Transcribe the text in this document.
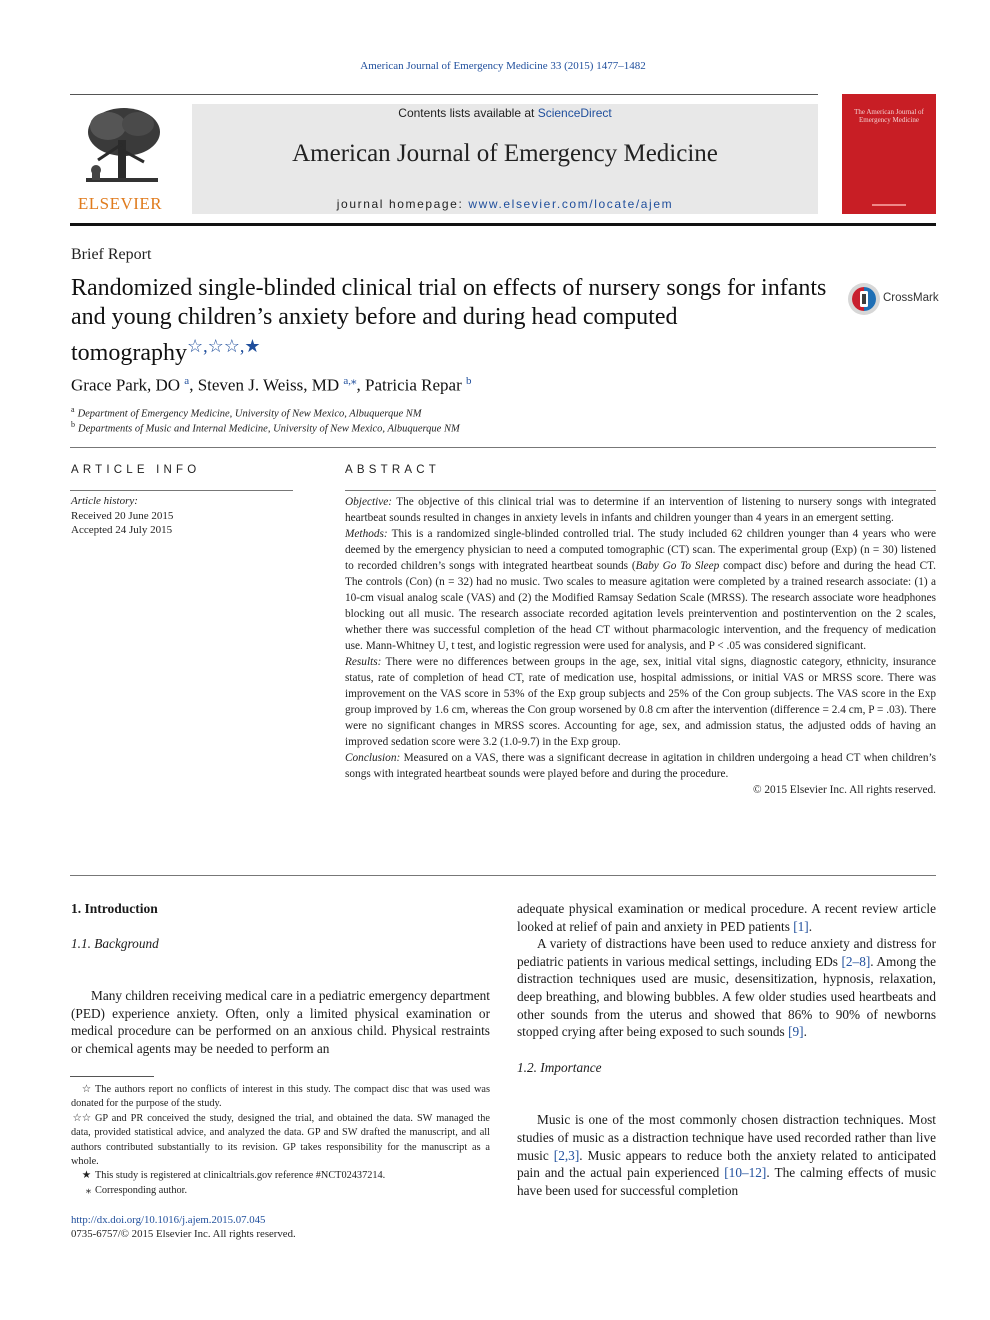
American Journal of Emergency Medicine 33 (2015) 1477–1482
ELSEVIER
Contents lists available at ScienceDirect
American Journal of Emergency Medicine
journal homepage: www.elsevier.com/locate/ajem
The American Journal of Emergency Medicine
Brief Report
Randomized single-blinded clinical trial on effects of nursery songs for infants and young children’s anxiety before and during head computed tomography☆,☆☆,★
CrossMark
Grace Park, DO $^a$, Steven J. Weiss, MD $^{a,⁎}$, Patricia Repar $^b$
$^a$ Department of Emergency Medicine, University of New Mexico, Albuquerque NM
$^b$ Departments of Music and Internal Medicine, University of New Mexico, Albuquerque NM
ARTICLE INFO	ABSTRACT
Article history:
Received 20 June 2015
Accepted 24 July 2015

Objective: The objective of this clinical trial was to determine if an intervention of listening to nursery songs with integrated heartbeat sounds resulted in changes in anxiety levels in infants and children younger than 4 years in an emergent setting.

Methods: This is a randomized single-blinded controlled trial. The study included 62 children younger than 4 years who were deemed by the emergency physician to need a computed tomographic (CT) scan. The experimental group (Exp) (n = 30) listened to recorded children’s songs with integrated heartbeat sounds (Baby Go To Sleep compact disc) before and during the head CT. The controls (Con) (n = 32) had no music. Two scales to measure agitation were completed by a trained research associate: (1) a 10-cm visual analog scale (VAS) and (2) the Modified Ramsay Sedation Scale (MRSS). The research associate wore headphones blocking out all music. The research associate recorded agitation levels preintervention and postintervention on the 2 scales, whether there was successful completion of the head CT without pharmacologic intervention, and the frequency of medication use. Mann-Whitney U, t test, and logistic regression were used for analysis, and P < .05 was considered significant.

Results: There were no differences between groups in the age, sex, initial vital signs, diagnostic category, ethnicity, insurance status, rate of completion of head CT, rate of medication use, hospital admissions, or initial VAS or MRSS score. There was improvement on the VAS score in 53% of the Exp group subjects and 25% of the Con group subjects. The VAS score in the Exp group improved by 1.6 cm, whereas the Con group worsened by 0.8 cm after the intervention (difference = 2.4 cm, P = .03). There were no significant changes in MRSS scores. Accounting for age, sex, and admission status, the adjusted odds of having an improved sedation score were 3.2 (1.0-9.7) in the Exp group.

Conclusion: Measured on a VAS, there was a significant decrease in agitation in children undergoing a head CT when children’s songs with integrated heartbeat sounds were played before and during the procedure.

© 2015 Elsevier Inc. All rights reserved.

1. Introduction
1.1. Background

Many children receiving medical care in a pediatric emergency department (PED) experience anxiety. Often, only a limited physical examination or medical procedure can be performed on an anxious child. Physical restraints or chemical agents may be needed to perform an

adequate physical examination or medical procedure. A recent review article looked at relief of pain and anxiety in PED patients [1].

A variety of distractions have been used to reduce anxiety and distress for pediatric patients in various medical settings, including EDs [2–8]. Among the distraction techniques used are music, desensitization, hypnosis, relaxation, deep breathing, and blowing bubbles. A few older studies used heartbeats and other sounds from the uterus and showed that 86% to 90% of newborns stopped crying after being exposed to such sounds [9].

1.2. Importance

Music is one of the most commonly chosen distraction techniques. Most studies of music as a distraction technique have used recorded rather than live music [2,3]. Music appears to reduce both the anxiety related to anticipated pain and the actual pain experienced [10–12]. The calming effects of music have been used for successful completion

☆ The authors report no conflicts of interest in this study. The compact disc that was used was donated for the purpose of the study.
☆☆ GP and PR conceived the study, designed the trial, and obtained the data. SW managed the data, provided statistical advice, and analyzed the data. GP and SW drafted the manuscript, and all authors contributed substantially to its revision. GP takes responsibility for the manuscript as a whole.
★ This study is registered at clinicaltrials.gov reference #NCT02437214.
⁎ Corresponding author.
http://dx.doi.org/10.1016/j.ajem.2015.07.045
0735-6757/© 2015 Elsevier Inc. All rights reserved.
